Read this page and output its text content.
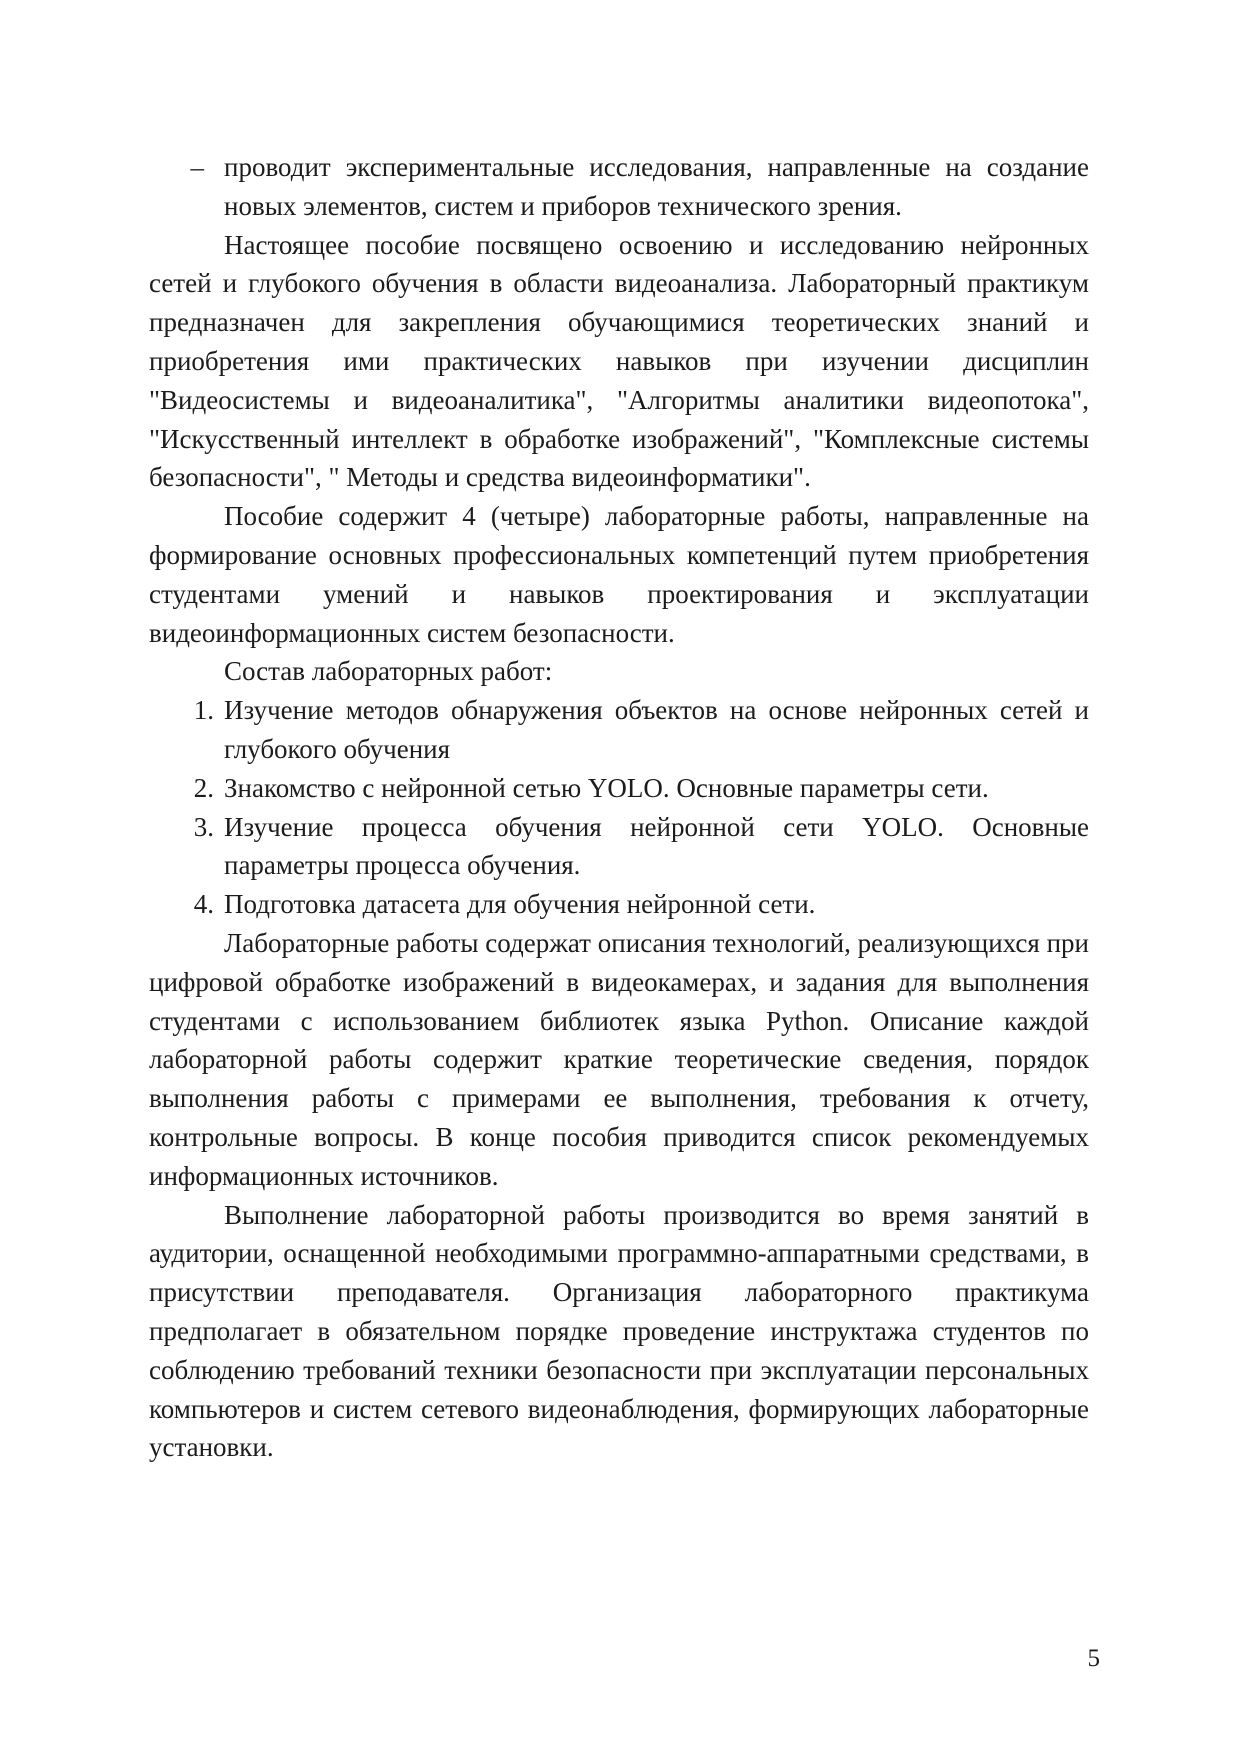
– проводит экспериментальные исследования, направленные на создание новых элементов, систем и приборов технического зрения.

Настоящее пособие посвящено освоению и исследованию нейронных сетей и глубокого обучения в области видеоанализа. Лабораторный практикум предназначен для закрепления обучающимися теоретических знаний и приобретения ими практических навыков при изучении дисциплин "Видеосистемы и видеоаналитика", "Алгоритмы аналитики видеопотока", "Искусственный интеллект в обработке изображений", "Комплексные системы безопасности", " Методы и средства видеоинформатики".

Пособие содержит 4 (четыре) лабораторные работы, направленные на формирование основных профессиональных компетенций путем приобретения студентами умений и навыков проектирования и эксплуатации видеоинформационных систем безопасности.

Состав лабораторных работ:

1. Изучение методов обнаружения объектов на основе нейронных сетей и глубокого обучения
2. Знакомство с нейронной сетью YOLO. Основные параметры сети.
3. Изучение процесса обучения нейронной сети YOLO. Основные параметры процесса обучения.
4. Подготовка датасета для обучения нейронной сети.

Лабораторные работы содержат описания технологий, реализующихся при цифровой обработке изображений в видеокамерах, и задания для выполнения студентами с использованием библиотек языка Python. Описание каждой лабораторной работы содержит краткие теоретические сведения, порядок выполнения работы с примерами ее выполнения, требования к отчету, контрольные вопросы. В конце пособия приводится список рекомендуемых информационных источников.

Выполнение лабораторной работы производится во время занятий в аудитории, оснащенной необходимыми программно-аппаратными средствами, в присутствии преподавателя. Организация лабораторного практикума предполагает в обязательном порядке проведение инструктажа студентов по соблюдению требований техники безопасности при эксплуатации персональных компьютеров и систем сетевого видеонаблюдения, формирующих лабораторные установки.

5
